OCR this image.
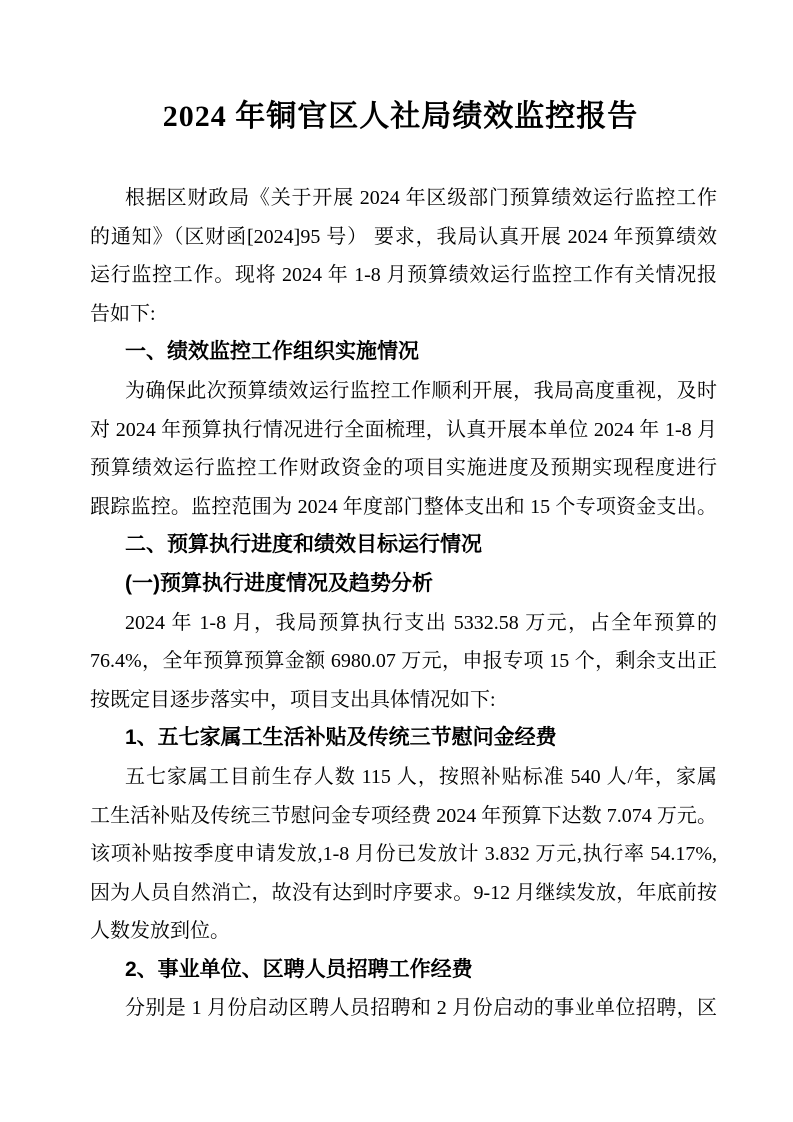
2024 年铜官区人社局绩效监控报告
根据区财政局《关于开展 2024 年区级部门预算绩效运行监控工作
的通知》（区财函[2024]95 号） 要求，我局认真开展 2024 年预算绩效
运行监控工作。现将 2024 年 1-8 月预算绩效运行监控工作有关情况报
告如下:
一、绩效监控工作组织实施情况
为确保此次预算绩效运行监控工作顺利开展，我局高度重视，及时
对 2024 年预算执行情况进行全面梳理，认真开展本单位 2024 年 1-8 月
预算绩效运行监控工作财政资金的项目实施进度及预期实现程度进行
跟踪监控。监控范围为 2024 年度部门整体支出和 15 个专项资金支出。
二、预算执行进度和绩效目标运行情况
(一)预算执行进度情况及趋势分析
2024 年 1-8 月，我局预算执行支出 5332.58 万元，占全年预算的
76.4%，全年预算预算金额 6980.07 万元，申报专项 15 个，剩余支出正
按既定目逐步落实中，项目支出具体情况如下:
1、五七家属工生活补贴及传统三节慰问金经费
五七家属工目前生存人数 115 人，按照补贴标准 540 人/年，家属
工生活补贴及传统三节慰问金专项经费 2024 年预算下达数 7.074 万元。
该项补贴按季度申请发放,1-8 月份已发放计 3.832 万元,执行率 54.17%,
因为人员自然消亡，故没有达到时序要求。9-12 月继续发放，年底前按
人数发放到位。
2、事业单位、区聘人员招聘工作经费
分别是 1 月份启动区聘人员招聘和 2 月份启动的事业单位招聘，区
